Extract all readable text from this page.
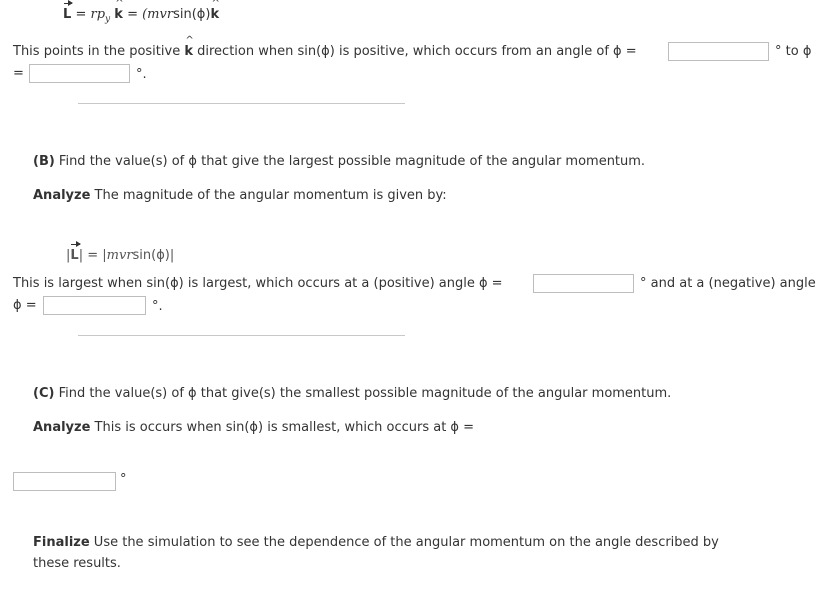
$L = rp_y$ ^ k = (mvrsin(ϕ)^ k
This points in the positive ^ k direction when sin(ϕ) is positive, which occurs from an angle of ϕ =	° to ϕ
=	°.
(B) Find the value(s) of ϕ that give the largest possible magnitude of the angular momentum.
Analyze The magnitude of the angular momentum is given by:
|L| = |mvrsin(ϕ)|
This is largest when sin(ϕ) is largest, which occurs at a (positive) angle ϕ =	° and at a (negative) angle
ϕ =	°.
(C) Find the value(s) of ϕ that give(s) the smallest possible magnitude of the angular momentum.
Analyze This is occurs when sin(ϕ) is smallest, which occurs at ϕ =
°
Finalize Use the simulation to see the dependence of the angular momentum on the angle described by
these results.
